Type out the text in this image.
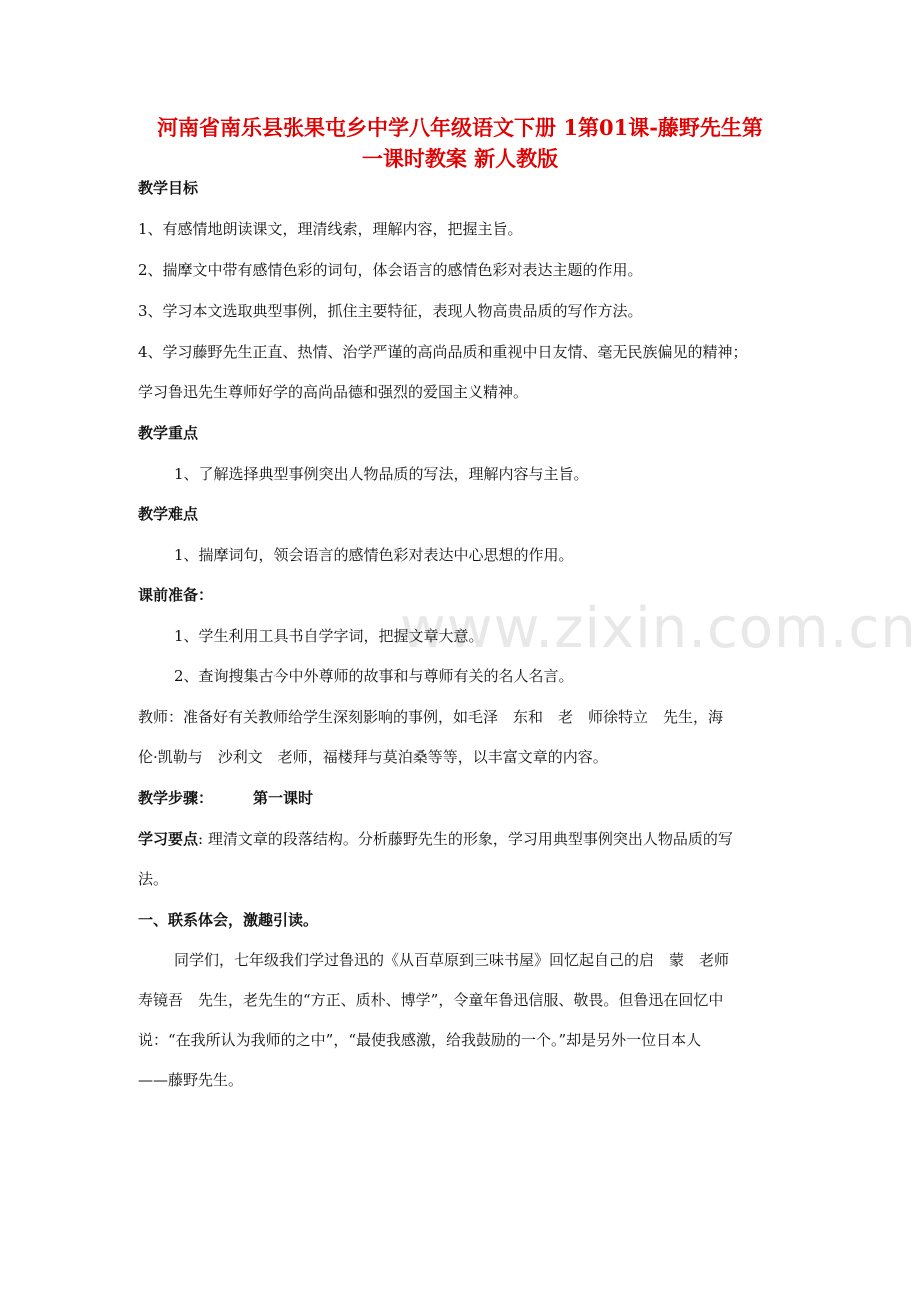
www.zixin.com.cn
河南省南乐县张果屯乡中学八年级语文下册 1第01课-藤野先生第
一课时教案 新人教版
教学目标
1、有感情地朗读课文，理清线索，理解内容，把握主旨。
2、揣摩文中带有感情色彩的词句，体会语言的感情色彩对表达主题的作用。
3、学习本文选取典型事例，抓住主要特征，表现人物高贵品质的写作方法。
4、学习藤野先生正直、热情、治学严谨的高尚品质和重视中日友情、毫无民族偏见的精神；
学习鲁迅先生尊师好学的高尚品德和强烈的爱国主义精神。
教学重点
1、了解选择典型事例突出人物品质的写法，理解内容与主旨。
教学难点
1、揣摩词句，领会语言的感情色彩对表达中心思想的作用。
课前准备：
1、学生利用工具书自学字词，把握文章大意。
2、查询搜集古今中外尊师的故事和与尊师有关的名人名言。
教师：准备好有关教师给学生深刻影响的事例，如毛泽　东和　老　师徐特立　先生，海
伦·凯勒与　沙利文　老师，福楼拜与莫泊桑等等，以丰富文章的内容。
教学步骤：	第一课时
学习要点: 理清文章的段落结构。分析藤野先生的形象，学习用典型事例突出人物品质的写
法。
一、联系体会，激趣引读。
同学们，七年级我们学过鲁迅的《从百草原到三味书屋》回忆起自己的启　蒙　老师
寿镜吾　先生，老先生的“方正、质朴、博学”，令童年鲁迅信服、敬畏。但鲁迅在回忆中
说：“在我所认为我师的之中”，“最使我感激，给我鼓励的一个。”却是另外一位日本人
——藤野先生。
